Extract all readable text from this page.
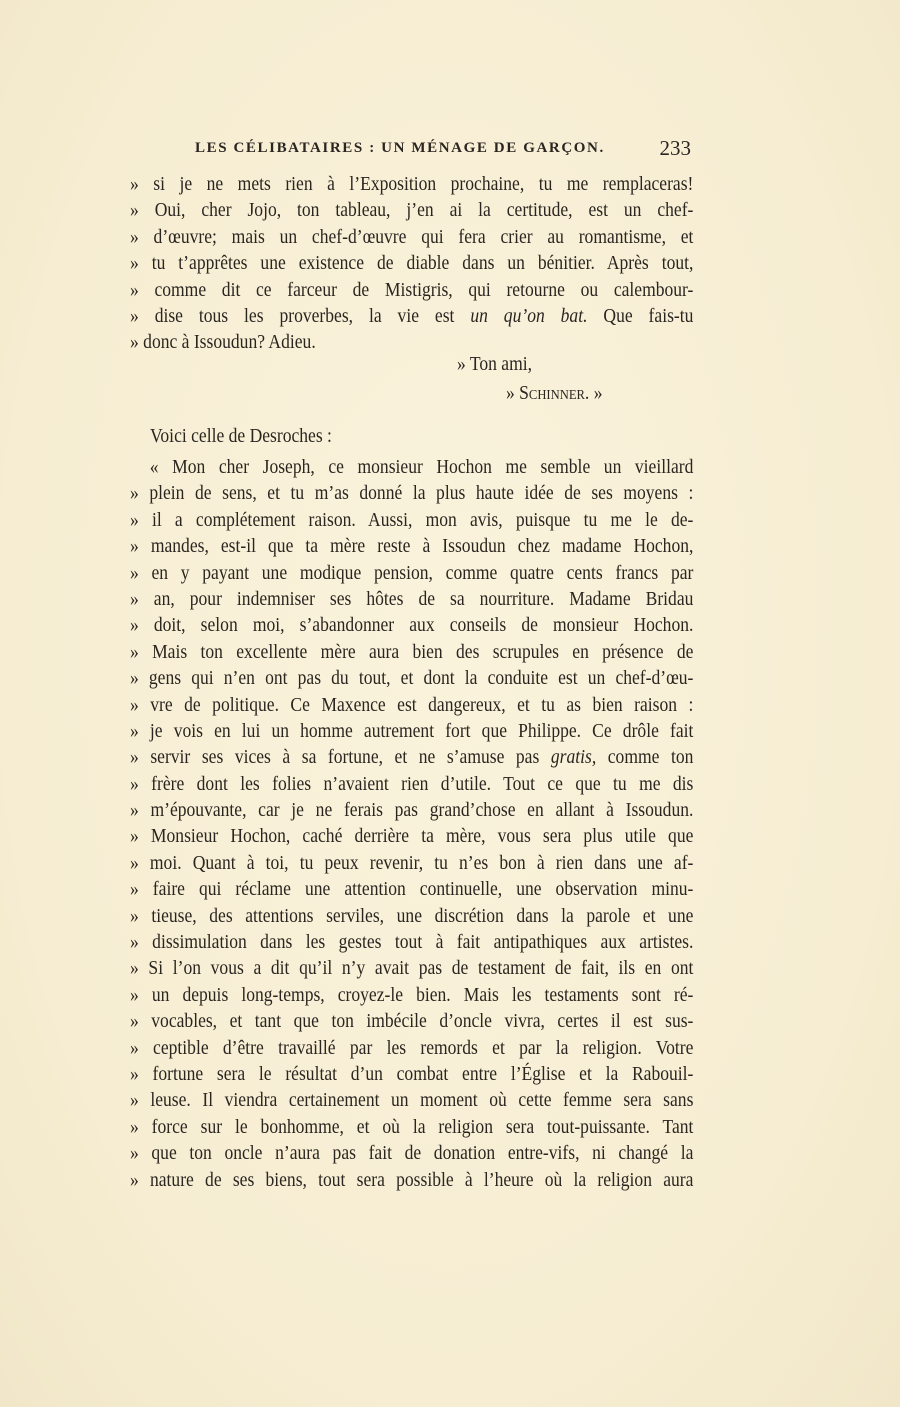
LES CÉLIBATAIRES : UN MÉNAGE DE GARÇON.	233
» si je ne mets rien à l’Exposition prochaine, tu me remplaceras!
» Oui, cher Jojo, ton tableau, j’en ai la certitude, est un chef-
» d’œuvre; mais un chef-d’œuvre qui fera crier au romantisme, et
» tu t’apprêtes une existence de diable dans un bénitier. Après tout,
» comme dit ce farceur de Mistigris, qui retourne ou calembour-
» dise tous les proverbes, la vie est un qu’on bat. Que fais-tu
» donc à Issoudun? Adieu.
» Ton ami,
» Schinner. »
Voici celle de Desroches :
« Mon cher Joseph, ce monsieur Hochon me semble un vieillard
» plein de sens, et tu m’as donné la plus haute idée de ses moyens :
» il a complétement raison. Aussi, mon avis, puisque tu me le de-
» mandes, est-il que ta mère reste à Issoudun chez madame Hochon,
» en y payant une modique pension, comme quatre cents francs par
» an, pour indemniser ses hôtes de sa nourriture. Madame Bridau
» doit, selon moi, s’abandonner aux conseils de monsieur Hochon.
» Mais ton excellente mère aura bien des scrupules en présence de
» gens qui n’en ont pas du tout, et dont la conduite est un chef-d’œu-
» vre de politique. Ce Maxence est dangereux, et tu as bien raison :
» je vois en lui un homme autrement fort que Philippe. Ce drôle fait
» servir ses vices à sa fortune, et ne s’amuse pas gratis, comme ton
» frère dont les folies n’avaient rien d’utile. Tout ce que tu me dis
» m’épouvante, car je ne ferais pas grand’chose en allant à Issoudun.
» Monsieur Hochon, caché derrière ta mère, vous sera plus utile que
» moi. Quant à toi, tu peux revenir, tu n’es bon à rien dans une af-
» faire qui réclame une attention continuelle, une observation minu-
» tieuse, des attentions serviles, une discrétion dans la parole et une
» dissimulation dans les gestes tout à fait antipathiques aux artistes.
» Si l’on vous a dit qu’il n’y avait pas de testament de fait, ils en ont
» un depuis long-temps, croyez-le bien. Mais les testaments sont ré-
» vocables, et tant que ton imbécile d’oncle vivra, certes il est sus-
» ceptible d’être travaillé par les remords et par la religion. Votre
» fortune sera le résultat d’un combat entre l’Église et la Rabouil-
» leuse. Il viendra certainement un moment où cette femme sera sans
» force sur le bonhomme, et où la religion sera tout-puissante. Tant
» que ton oncle n’aura pas fait de donation entre-vifs, ni changé la
» nature de ses biens, tout sera possible à l’heure où la religion aura
